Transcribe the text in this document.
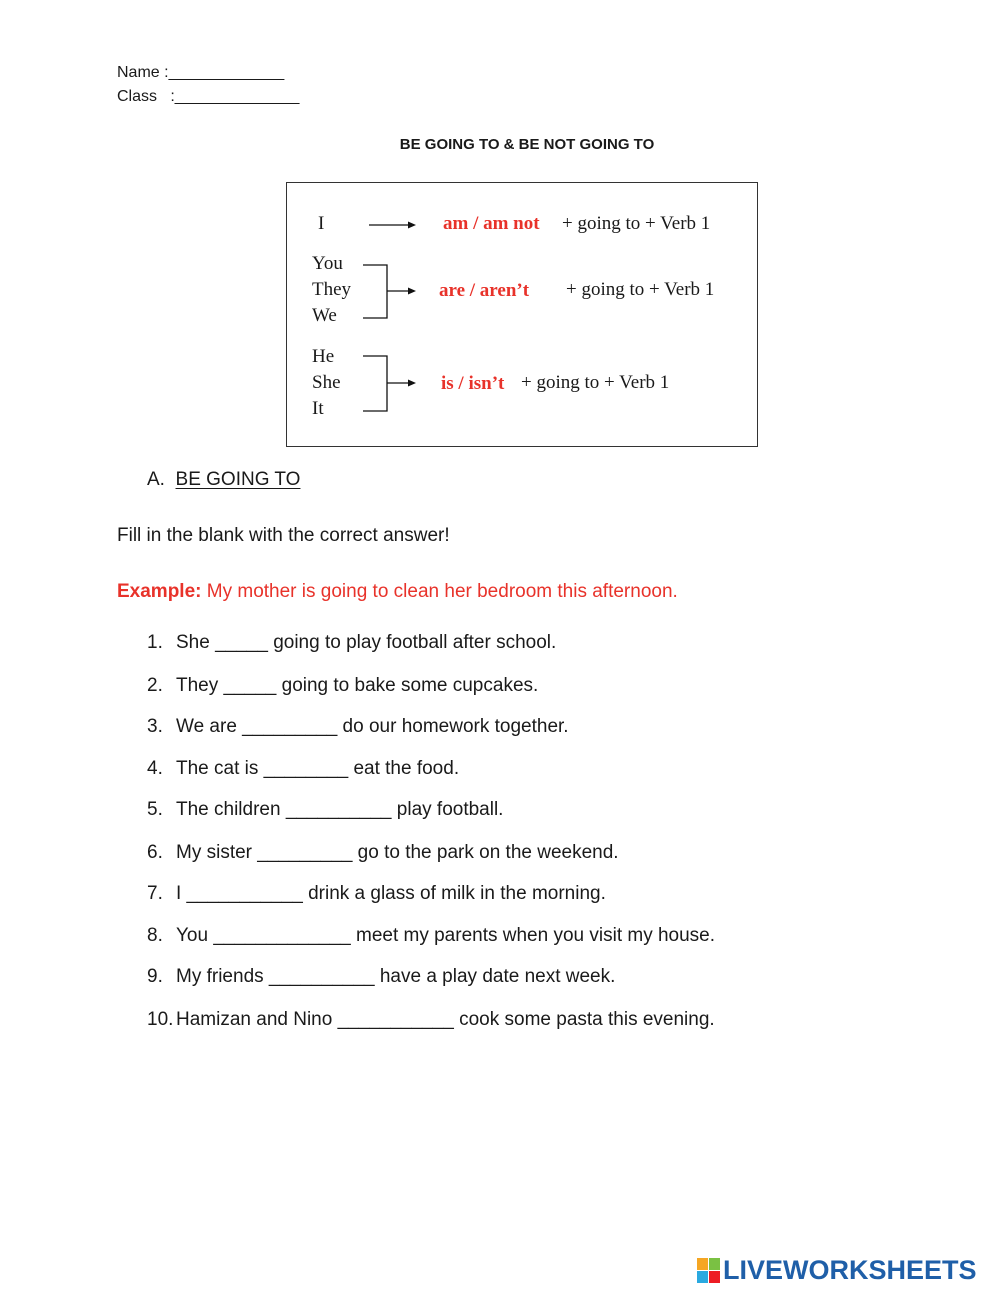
Name :_____________
Class   :______________
BE GOING TO & BE NOT GOING TO
I	am / am not + going to + Verb 1
You
They
We
are / aren’t + going to + Verb 1
He
She
It
is / isn’t + going to + Verb 1
A. BE GOING TO
Fill in the blank with the correct answer!
Example: My mother is going to clean her bedroom this afternoon.
1. She _____ going to play football after school.
2. They _____ going to bake some cupcakes.
3. We are _________ do our homework together.
4. The cat is ________ eat the food.
5. The children __________ play football.
6. My sister _________ go to the park on the weekend.
7. I ___________ drink a glass of milk in the morning.
8. You _____________ meet my parents when you visit my house.
9. My friends __________ have a play date next week.
10. Hamizan and Nino ___________ cook some pasta this evening.
LIVEWORKSHEETS
